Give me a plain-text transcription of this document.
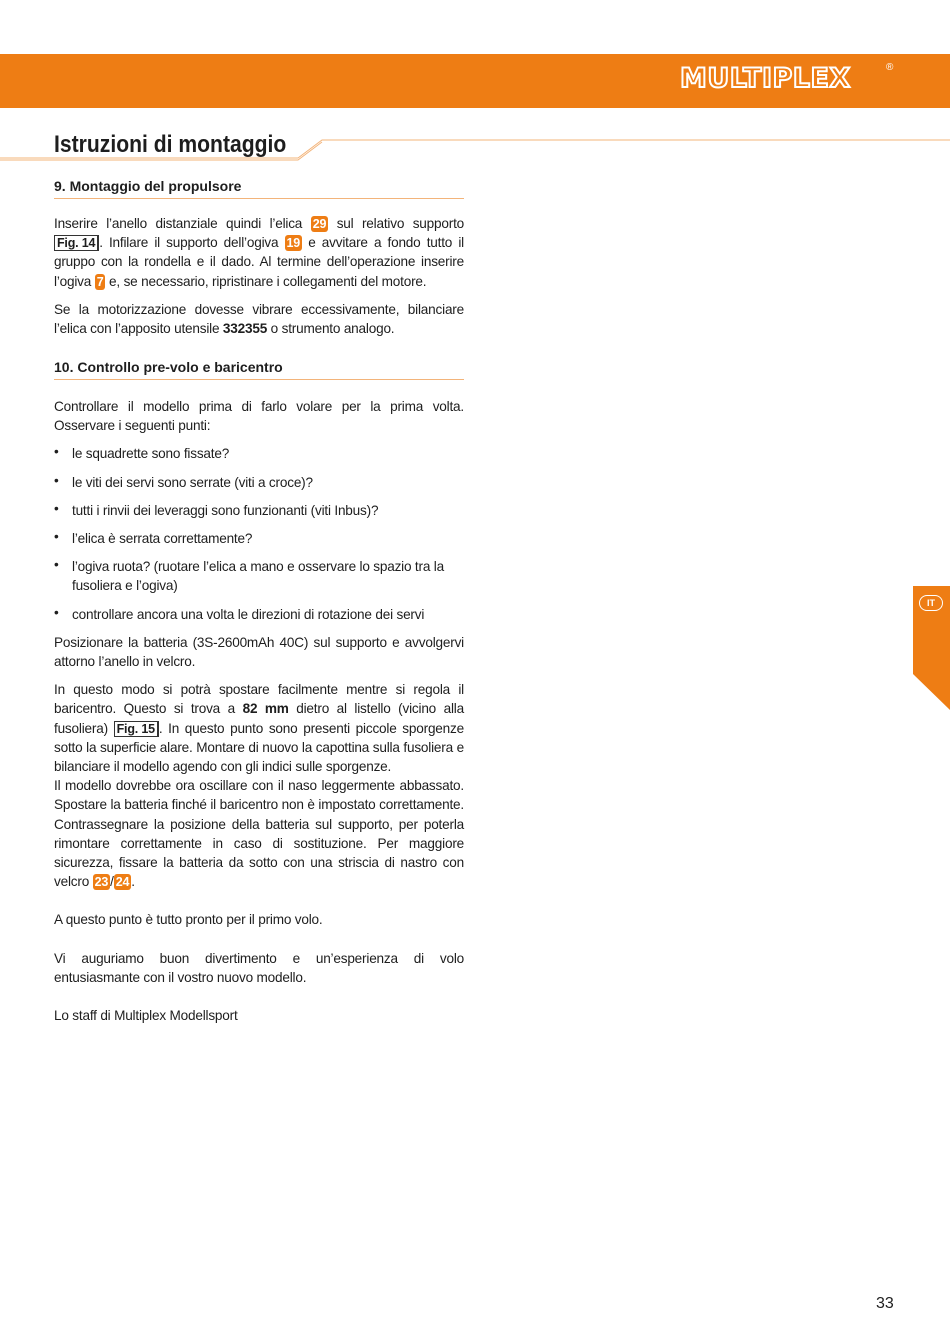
MULTIPLEX	®
Istruzioni di montaggio
9. Montaggio del propulsore

Inserire l’anello distanziale quindi l’elica 29 sul relativo supporto Fig. 14 . Infilare il supporto dell’ogiva 19 e avvitare a fondo tutto il gruppo con la rondella e il dado. Al termine dell’operazione inserire l’ogiva 7 e, se necessario, ripristinare i collegamenti del motore.

Se la motorizzazione dovesse vibrare eccessivamente, bilanciare l’elica con l’apposito utensile 332355 o strumento analogo.

10. Controllo pre-volo e baricentro

Controllare il modello prima di farlo volare per la prima volta. Osservare i seguenti punti:

• le squadrette sono fissate?

• le viti dei servi sono serrate (viti a croce)?

• tutti i rinvii dei leveraggi sono funzionanti (viti Inbus)?

• l’elica è serrata correttamente?

• l’ogiva ruota? (ruotare l’elica a mano e osservare lo spazio tra la fusoliera e l’ogiva)

• controllare ancora una volta le direzioni di rotazione dei servi

Posizionare la batteria (3S-2600mAh 40C) sul supporto e avvolgervi attorno l’anello in velcro.

In questo modo si potrà spostare facilmente mentre si regola il baricentro. Questo si trova a 82 mm dietro al listello (vicino alla fusoliera) Fig. 15 . In questo punto sono presenti piccole sporgenze sotto la superficie alare. Montare di nuovo la capottina sulla fusoliera e bilanciare il modello agendo con gli indici sulle sporgenze.

Il modello dovrebbe ora oscillare con il naso leggermente abbassato. Spostare la batteria finché il baricentro non è impostato correttamente. Contrassegnare la posizione della batteria sul supporto, per poterla rimontare correttamente in caso di sostituzione. Per maggiore sicurezza, fissare la batteria da sotto con una striscia di nastro con velcro 23 / 24 .

A questo punto è tutto pronto per il primo volo.

Vi auguriamo buon divertimento e un’esperienza di volo entusiasmante con il vostro nuovo modello.

Lo staff di Multiplex Modellsport

IT
33
